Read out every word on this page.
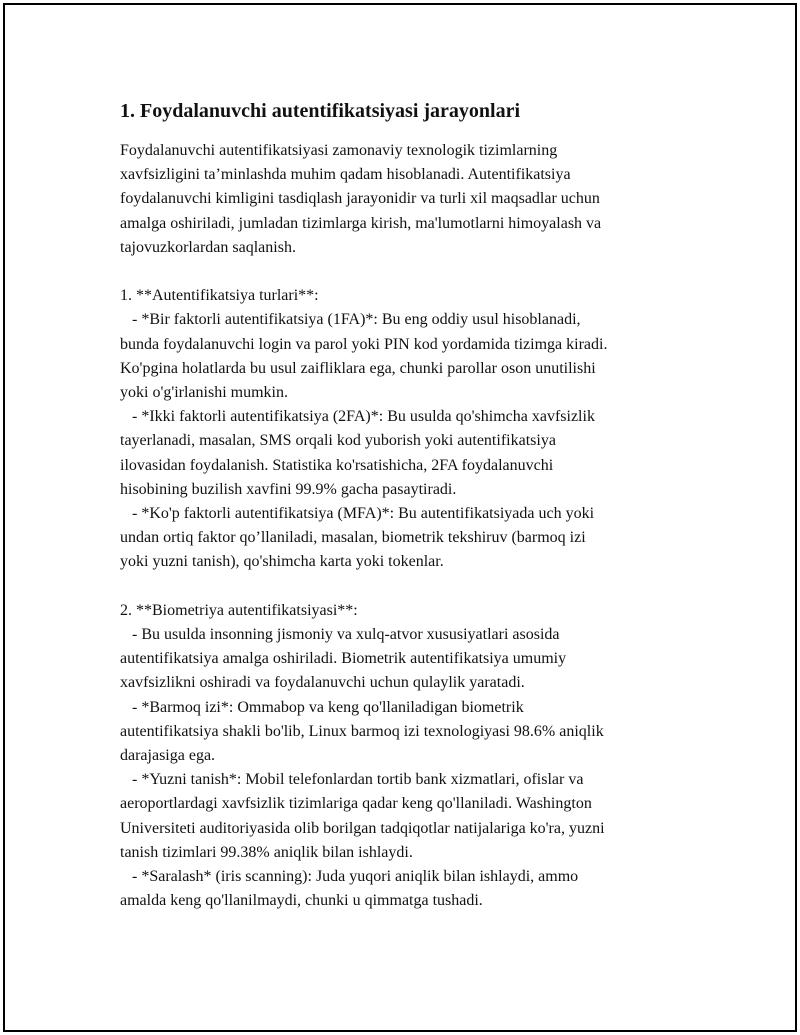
1. Foydalanuvchi autentifikatsiyasi jarayonlari

Foydalanuvchi autentifikatsiyasi zamonaviy texnologik tizimlarning
xavfsizligini ta’minlashda muhim qadam hisoblanadi. Autentifikatsiya
foydalanuvchi kimligini tasdiqlash jarayonidir va turli xil maqsadlar uchun
amalga oshiriladi, jumladan tizimlarga kirish, ma'lumotlarni himoyalash va
tajovuzkorlardan saqlanish.

1. **Autentifikatsiya turlari**:
- *Bir faktorli autentifikatsiya (1FA)*: Bu eng oddiy usul hisoblanadi,
bunda foydalanuvchi login va parol yoki PIN kod yordamida tizimga kiradi.
Ko'pgina holatlarda bu usul zaifliklara ega, chunki parollar oson unutilishi
yoki o'g'irlanishi mumkin.
- *Ikki faktorli autentifikatsiya (2FA)*: Bu usulda qo'shimcha xavfsizlik
tayerlanadi, masalan, SMS orqali kod yuborish yoki autentifikatsiya
ilovasidan foydalanish. Statistika ko'rsatishicha, 2FA foydalanuvchi
hisobining buzilish xavfini 99.9% gacha pasaytiradi.
- *Ko'p faktorli autentifikatsiya (MFA)*: Bu autentifikatsiyada uch yoki
undan ortiq faktor qo’llaniladi, masalan, biometrik tekshiruv (barmoq izi
yoki yuzni tanish), qo'shimcha karta yoki tokenlar.

2. **Biometriya autentifikatsiyasi**:
- Bu usulda insonning jismoniy va xulq-atvor xususiyatlari asosida
autentifikatsiya amalga oshiriladi. Biometrik autentifikatsiya umumiy
xavfsizlikni oshiradi va foydalanuvchi uchun qulaylik yaratadi.
- *Barmoq izi*: Ommabop va keng qo'llaniladigan biometrik
autentifikatsiya shakli bo'lib, Linux barmoq izi texnologiyasi 98.6% aniqlik
darajasiga ega.
- *Yuzni tanish*: Mobil telefonlardan tortib bank xizmatlari, ofislar va
aeroportlardagi xavfsizlik tizimlariga qadar keng qo'llaniladi. Washington
Universiteti auditoriyasida olib borilgan tadqiqotlar natijalariga ko'ra, yuzni
tanish tizimlari 99.38% aniqlik bilan ishlaydi.
- *Saralash* (iris scanning): Juda yuqori aniqlik bilan ishlaydi, ammo
amalda keng qo'llanilmaydi, chunki u qimmatga tushadi.
